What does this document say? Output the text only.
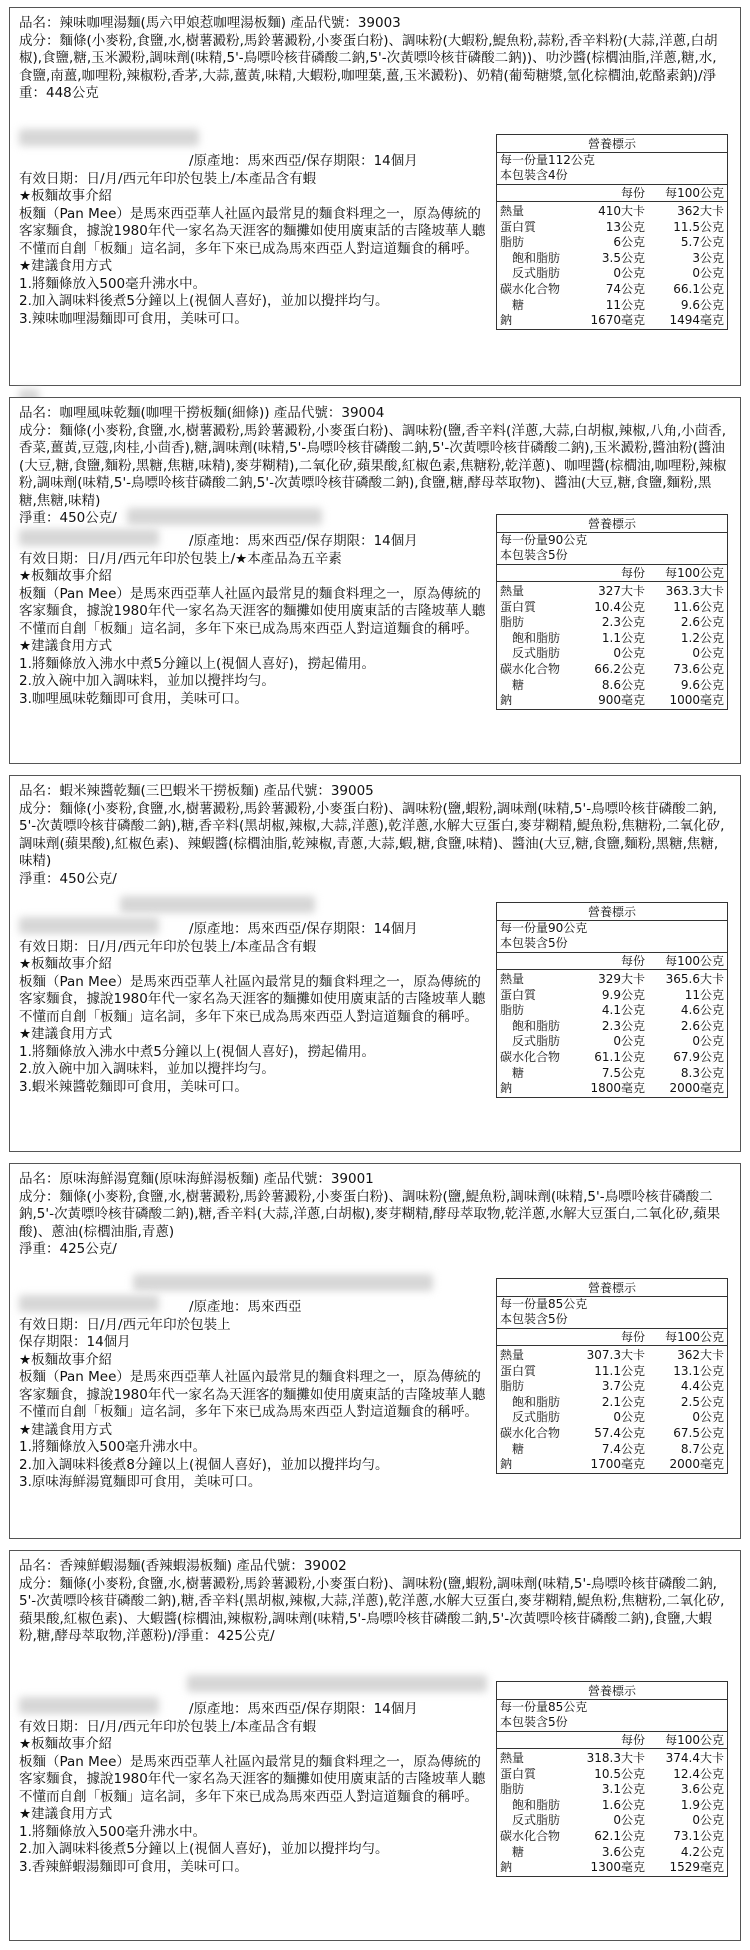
品名：辣味咖哩湯麵(馬六甲娘惹咖哩湯板麵) 產品代號：39003
成分：麵條(小麥粉,食鹽,水,樹薯澱粉,馬鈴薯澱粉,小麥蛋白粉)、調味粉(大蝦粉,鯷魚粉,蒜粉,香辛料粉(大蒜,洋蔥,白胡椒),食鹽,糖,玉米澱粉,調味劑(味精,5'-鳥嘌呤核苷磷酸二鈉,5'-次黃嘌呤核苷磷酸二鈉))、叻沙醬(棕櫚油脂,洋蔥,糖,水,食鹽,南薑,咖哩粉,辣椒粉,香茅,大蒜,薑黃,味精,大蝦粉,咖哩葉,薑,玉米澱粉)、奶精(葡萄糖漿,氫化棕櫚油,乾酪素鈉)/淨重：448公克
/原產地：馬來西亞/保存期限：14個月
有效日期：日/月/西元年印於包裝上/本產品含有蝦
★板麵故事介紹
板麵（Pan Mee）是馬來西亞華人社區內最常見的麵食料理之一，原為傳統的客家麵食，據說1980年代一家名為天涯客的麵攤如使用廣東話的吉隆坡華人聽不懂而自創「板麵」這名詞，多年下來已成為馬來西亞人對這道麵食的稱呼。
★建議食用方式
1.將麵條放入500毫升沸水中。
2.加入調味料後煮5分鐘以上(視個人喜好)，並加以攪拌均勻。
3.辣味咖哩湯麵即可食用，美味可口。
營養標示
每一份量112公克
本包裝含4份
每份	每100公克
熱量	410大卡	362大卡
蛋白質	13公克	11.5公克
脂肪	6公克	5.7公克
飽和脂肪	3.5公克	3公克
反式脂肪	0公克	0公克
碳水化合物	74公克	66.1公克
糖	11公克	9.6公克
鈉	1670毫克	1494毫克
品名：咖哩風味乾麵(咖哩干撈板麵(細條)) 產品代號：39004
成分：麵條(小麥粉,食鹽,水,樹薯澱粉,馬鈴薯澱粉,小麥蛋白粉)、調味粉(鹽,香辛料(洋蔥,大蒜,白胡椒,辣椒,八角,小茴香,香菜,薑黃,豆蔻,肉桂,小茴香),糖,調味劑(味精,5'-鳥嘌呤核苷磷酸二鈉,5'-次黃嘌呤核苷磷酸二鈉),玉米澱粉,醬油粉(醬油(大豆,糖,食鹽,麵粉,黑糖,焦糖,味精),麥芽糊精),二氧化矽,蘋果酸,紅椒色素,焦糖粉,乾洋蔥)、咖哩醬(棕櫚油,咖哩粉,辣椒粉,調味劑(味精,5'-鳥嘌呤核苷磷酸二鈉,5'-次黃嘌呤核苷磷酸二鈉),食鹽,糖,酵母萃取物)、醬油(大豆,糖,食鹽,麵粉,黑糖,焦糖,味精)
淨重：450公克/
/原產地：馬來西亞/保存期限：14個月
有效日期：日/月/西元年印於包裝上/★本產品為五辛素
★板麵故事介紹
板麵（Pan Mee）是馬來西亞華人社區內最常見的麵食料理之一，原為傳統的客家麵食，據說1980年代一家名為天涯客的麵攤如使用廣東話的吉隆坡華人聽不懂而自創「板麵」這名詞，多年下來已成為馬來西亞人對這道麵食的稱呼。
★建議食用方式
1.將麵條放入沸水中煮5分鐘以上(視個人喜好)，撈起備用。
2.放入碗中加入調味料，並加以攪拌均勻。
3.咖哩風味乾麵即可食用，美味可口。
營養標示
每一份量90公克
本包裝含5份
每份	每100公克
熱量	327大卡	363.3大卡
蛋白質	10.4公克	11.6公克
脂肪	2.3公克	2.6公克
飽和脂肪	1.1公克	1.2公克
反式脂肪	0公克	0公克
碳水化合物	66.2公克	73.6公克
糖	8.6公克	9.6公克
鈉	900毫克	1000毫克
品名：蝦米辣醬乾麵(三巴蝦米干撈板麵) 產品代號：39005
成分：麵條(小麥粉,食鹽,水,樹薯澱粉,馬鈴薯澱粉,小麥蛋白粉)、調味粉(鹽,蝦粉,調味劑(味精,5'-鳥嘌呤核苷磷酸二鈉,5'-次黃嘌呤核苷磷酸二鈉),糖,香辛料(黑胡椒,辣椒,大蒜,洋蔥),乾洋蔥,水解大豆蛋白,麥芽糊精,鯷魚粉,焦糖粉,二氧化矽,調味劑(蘋果酸),紅椒色素)、辣蝦醬(棕櫚油脂,乾辣椒,青蔥,大蒜,蝦,糖,食鹽,味精)、醬油(大豆,糖,食鹽,麵粉,黑糖,焦糖,味精)
淨重：450公克/
/原產地：馬來西亞/保存期限：14個月
有效日期：日/月/西元年印於包裝上/本產品含有蝦
★板麵故事介紹
板麵（Pan Mee）是馬來西亞華人社區內最常見的麵食料理之一，原為傳統的客家麵食，據說1980年代一家名為天涯客的麵攤如使用廣東話的吉隆坡華人聽不懂而自創「板麵」這名詞，多年下來已成為馬來西亞人對這道麵食的稱呼。
★建議食用方式
1.將麵條放入沸水中煮5分鐘以上(視個人喜好)，撈起備用。
2.放入碗中加入調味料，並加以攪拌均勻。
3.蝦米辣醬乾麵即可食用，美味可口。
營養標示
每一份量90公克
本包裝含5份
每份	每100公克
熱量	329大卡	365.6大卡
蛋白質	9.9公克	11公克
脂肪	4.1公克	4.6公克
飽和脂肪	2.3公克	2.6公克
反式脂肪	0公克	0公克
碳水化合物	61.1公克	67.9公克
糖	7.5公克	8.3公克
鈉	1800毫克	2000毫克
品名：原味海鮮湯寬麵(原味海鮮湯板麵) 產品代號：39001
成分：麵條(小麥粉,食鹽,水,樹薯澱粉,馬鈴薯澱粉,小麥蛋白粉)、調味粉(鹽,鯷魚粉,調味劑(味精,5'-鳥嘌呤核苷磷酸二鈉,5'-次黃嘌呤核苷磷酸二鈉),糖,香辛料(大蒜,洋蔥,白胡椒),麥芽糊精,酵母萃取物,乾洋蔥,水解大豆蛋白,二氧化矽,蘋果酸)、蔥油(棕櫚油脂,青蔥)
淨重：425公克/
/原產地：馬來西亞
有效日期：日/月/西元年印於包裝上
保存期限：14個月
★板麵故事介紹
板麵（Pan Mee）是馬來西亞華人社區內最常見的麵食料理之一，原為傳統的客家麵食，據說1980年代一家名為天涯客的麵攤如使用廣東話的吉隆坡華人聽不懂而自創「板麵」這名詞，多年下來已成為馬來西亞人對這道麵食的稱呼。
★建議食用方式
1.將麵條放入500毫升沸水中。
2.加入調味料後煮8分鐘以上(視個人喜好)，並加以攪拌均勻。
3.原味海鮮湯寬麵即可食用，美味可口。
營養標示
每一份量85公克
本包裝含5份
每份	每100公克
熱量	307.3大卡	362大卡
蛋白質	11.1公克	13.1公克
脂肪	3.7公克	4.4公克
飽和脂肪	2.1公克	2.5公克
反式脂肪	0公克	0公克
碳水化合物	57.4公克	67.5公克
糖	7.4公克	8.7公克
鈉	1700毫克	2000毫克
品名：香辣鮮蝦湯麵(香辣蝦湯板麵) 產品代號：39002
成分：麵條(小麥粉,食鹽,水,樹薯澱粉,馬鈴薯澱粉,小麥蛋白粉)、調味粉(鹽,蝦粉,調味劑(味精,5'-鳥嘌呤核苷磷酸二鈉,5'-次黃嘌呤核苷磷酸二鈉),糖,香辛料(黑胡椒,辣椒,大蒜,洋蔥),乾洋蔥,水解大豆蛋白,麥芽糊精,鯷魚粉,焦糖粉,二氧化矽,蘋果酸,紅椒色素)、大蝦醬(棕櫚油,辣椒粉,調味劑(味精,5'-鳥嘌呤核苷磷酸二鈉,5'-次黃嘌呤核苷磷酸二鈉),食鹽,大蝦粉,糖,酵母萃取物,洋蔥粉)/淨重：425公克/
/原產地：馬來西亞/保存期限：14個月
有效日期：日/月/西元年印於包裝上/本產品含有蝦
★板麵故事介紹
板麵（Pan Mee）是馬來西亞華人社區內最常見的麵食料理之一，原為傳統的客家麵食，據說1980年代一家名為天涯客的麵攤如使用廣東話的吉隆坡華人聽不懂而自創「板麵」這名詞，多年下來已成為馬來西亞人對這道麵食的稱呼。
★建議食用方式
1.將麵條放入500毫升沸水中。
2.加入調味料後煮5分鐘以上(視個人喜好)，並加以攪拌均勻。
3.香辣鮮蝦湯麵即可食用，美味可口。
營養標示
每一份量85公克
本包裝含5份
每份	每100公克
熱量	318.3大卡	374.4大卡
蛋白質	10.5公克	12.4公克
脂肪	3.1公克	3.6公克
飽和脂肪	1.6公克	1.9公克
反式脂肪	0公克	0公克
碳水化合物	62.1公克	73.1公克
糖	3.6公克	4.2公克
鈉	1300毫克	1529毫克
